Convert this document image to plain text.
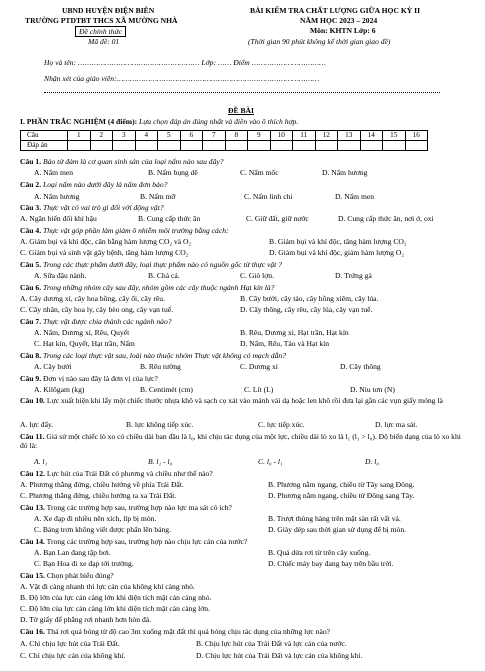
UBND HUYỆN ĐIỆN BIÊN
TRƯỜNG PTDTBT THCS XÃ MƯỜNG NHÀ
Đề chính thức
Mã đề: 01
BÀI KIỂM TRA CHẤT LƯỢNG GIỮA HỌC KỲ II
NĂM HỌC 2023 – 2024
Môn: KHTN Lớp: 6
(Thời gian 90 phút không kể thời gian giao đề)
Họ và tên: ……………………………………………… Lớp: …… Điểm ……………………………
Nhận xét của giáo viên:………………………………………………………………………………
ĐỀ BÀI
I. PHẦN TRẮC NGHIỆM (4 điểm): Lựa chọn đáp án đúng nhất và điền vào ô thích hợp.
Câu	1	2	3	4	5	6	7	8	9	10	11	12	13	14	15	16
Đáp án																
Câu 1. Bào tử đảm là cơ quan sinh sản của loại nấm nào sau đây?
A. Nấm men	B. Nấm bụng dê	C. Nấm mốc	D. Nấm hương
Câu 2. Loại nấm nào dưới đây là nấm đơn bào?
A. Nấm hương	B. Nấm mỡ	C. Nấm linh chi	D. Nấm men
Câu 3. Thực vật có vai trò gì đối với động vật?
A. Ngăn biến đổi khí hậu	B. Cung cấp thức ăn	C. Giữ đất, giữ nước	D. Cung cấp thức ăn, nơi ở, oxi
Câu 4. Thực vật góp phần làm giảm ô nhiễm môi trường bằng cách:
A. Giảm bụi và khí độc, cân bằng hàm lượng CO₂ và O₂	B. Giảm bụi và khí độc, tăng hàm lượng CO₂
C. Giảm bụi và sinh vật gây bệnh, tăng hàm lượng CO₂	D. Giảm bụi và khí độc, giảm hàm lượng O₂
Câu 5. Trong các thực phẩm dưới đây, loại thực phẩm nào có nguồn gốc từ thực vật ?
A. Sữa đậu nành.	B. Chả cá.	C. Giò lợn.	D. Trứng gà
Câu 6. Trong những nhóm cây sau đây, nhóm gồm các cây thuộc ngành Hạt kín là?
A. Cây dương xỉ, cây hoa hồng, cây ổi, cây rêu.	B. Cây bưởi, cây táo, cây hồng xiêm, cây lúa.
C. Cây nhãn, cây hoa ly, cây bèo ong, cây vạn tuế.	D. Cây thông, cây rêu, cây lúa, cây vạn tuế.
Câu 7. Thực vật được chia thành các ngành nào?
A. Nấm, Dương xỉ, Rêu, Quyết	B. Rêu, Dương xỉ, Hạt trần, Hạt kín
C. Hạt kín, Quyết, Hạt trần, Nấm	D. Nấm, Rêu, Tảo và Hạt kín
Câu 8. Trong các loại thực vật sau, loài nào thuộc nhóm Thực vật không có mạch dẫn?
A. Cây bưởi	B. Rêu tường	C. Dương xỉ	D. Cây thông
Câu 9. Đơn vị nào sau đây là đơn vị của lực?
A. Kilôgam (kg)	B. Centimét (cm)	C. Lít (L)	D. Niu tơn (N)
Câu 10. Lực xuất hiện khi lấy một chiếc thước nhựa khô và sạch cọ xát vào mảnh vải dạ hoặc len khô rồi đưa lại gần các vụn giấy móng là
A. lực đẩy.	B. lực không tiếp xúc.	C. lực tiếp xúc.	D. lực ma sát.
Câu 11. Giả sử một chiếc lò xo có chiều dài ban đầu là l₀, khi chịu tác dụng của một lực, chiều dài lò xo là l₁ (l₁ > l₀). Độ biến dạng của lò xo khi đó là:
A. l₁	B. l₁ - l₀	C. l₀ - l₁	D. l₀
Câu 12. Lực hút của Trái Đất có phương và chiều như thế nào?
A. Phương thẳng đứng, chiều hướng về phía Trái Đất.	B. Phương nằm ngang, chiều từ Tây sang Đông.
C. Phương thẳng đứng, chiều hướng ra xa Trái Đất.	D. Phương nằm ngang, chiều từ Đông sang Tây.
Câu 13. Trong các trường hợp sau, trường hợp nào lực ma sát có ích?
A. Xe đạp đi nhiều nên xích, líp bị mòn.	B. Trượt thùng hàng trên mặt sàn rất vất vả.
C. Bảng trơn không viết được phấn lên bảng.	D. Giày dép sau thời gian sử dụng đế bị mòn.
Câu 14. Trong các trường hợp sau, trường hợp nào chịu lực cản của nước?
A. Bạn Lan đang tập bơi.	B. Quả dừa rơi từ trên cây xuống.
C. Bạn Hoa đi xe đạp tới trường.	D. Chiếc máy bay đang bay trên bầu trời.
Câu 15. Chọn phát biểu đúng?
A. Vật đi càng nhanh thì lực cản của không khí càng nhỏ.
B. Độ lớn của lực cản càng lớn khi diện tích mặt cản càng nhỏ.
C. Độ lớn của lực cản càng lớn khi diện tích mặt cản càng lớn.
D. Tờ giấy để phẳng rơi nhanh hơn hòn đá.
Câu 16. Thả rơi quả bóng từ độ cao 3m xuống mặt đất thì quả bóng chịu tác dụng của những lực nào?
A. Chỉ chịu lực hút của Trái Đất.	B. Chịu lực hút của Trái Đất và lực cản của nước.
C. Chỉ chịu lực cản của không khí.	D. Chịu lực hút của Trái Đất và lực cản của không khí.
